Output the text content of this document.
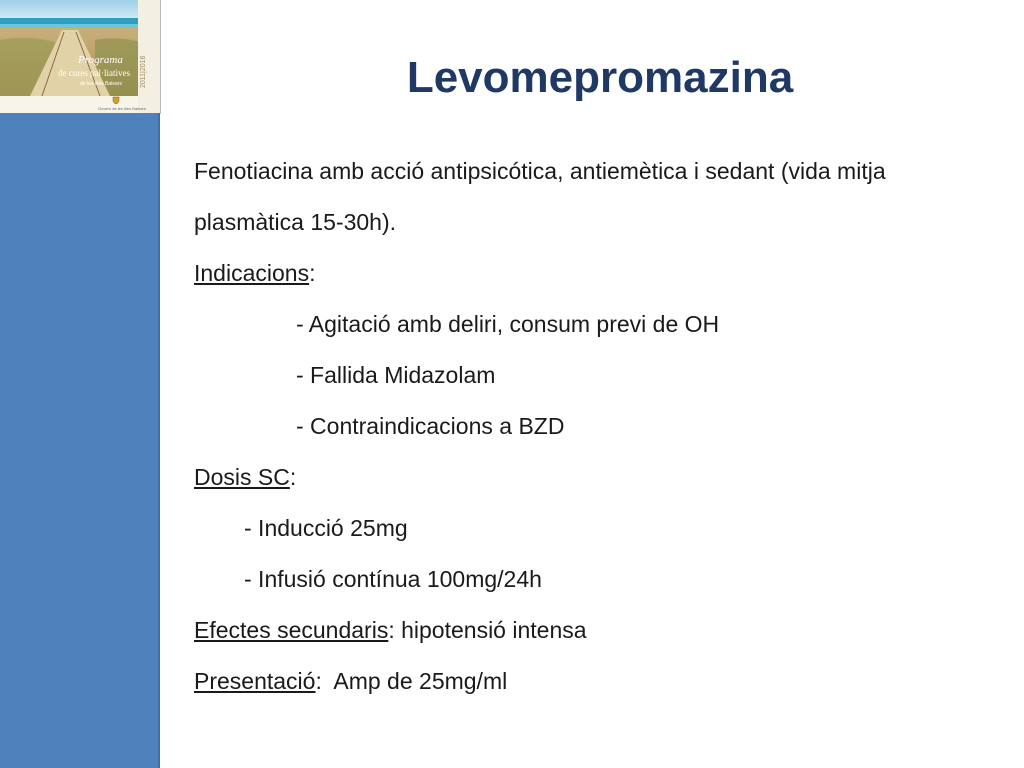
Programa
de cures pal·liatives
de les Illes Balears	2011|2016
Govern de les Illes Balears
Levomepromazina
Fenotiacina amb acció antipsicótica, antiemètica i sedant (vida mitja
plasmàtica 15-30h).
Indicacions:
- Agitació amb deliri, consum previ de OH
- Fallida Midazolam
- Contraindicacions a BZD
Dosis SC:
- Inducció 25mg
- Infusió contínua 100mg/24h
Efectes secundaris: hipotensió intensa
Presentació:  Amp de 25mg/ml
